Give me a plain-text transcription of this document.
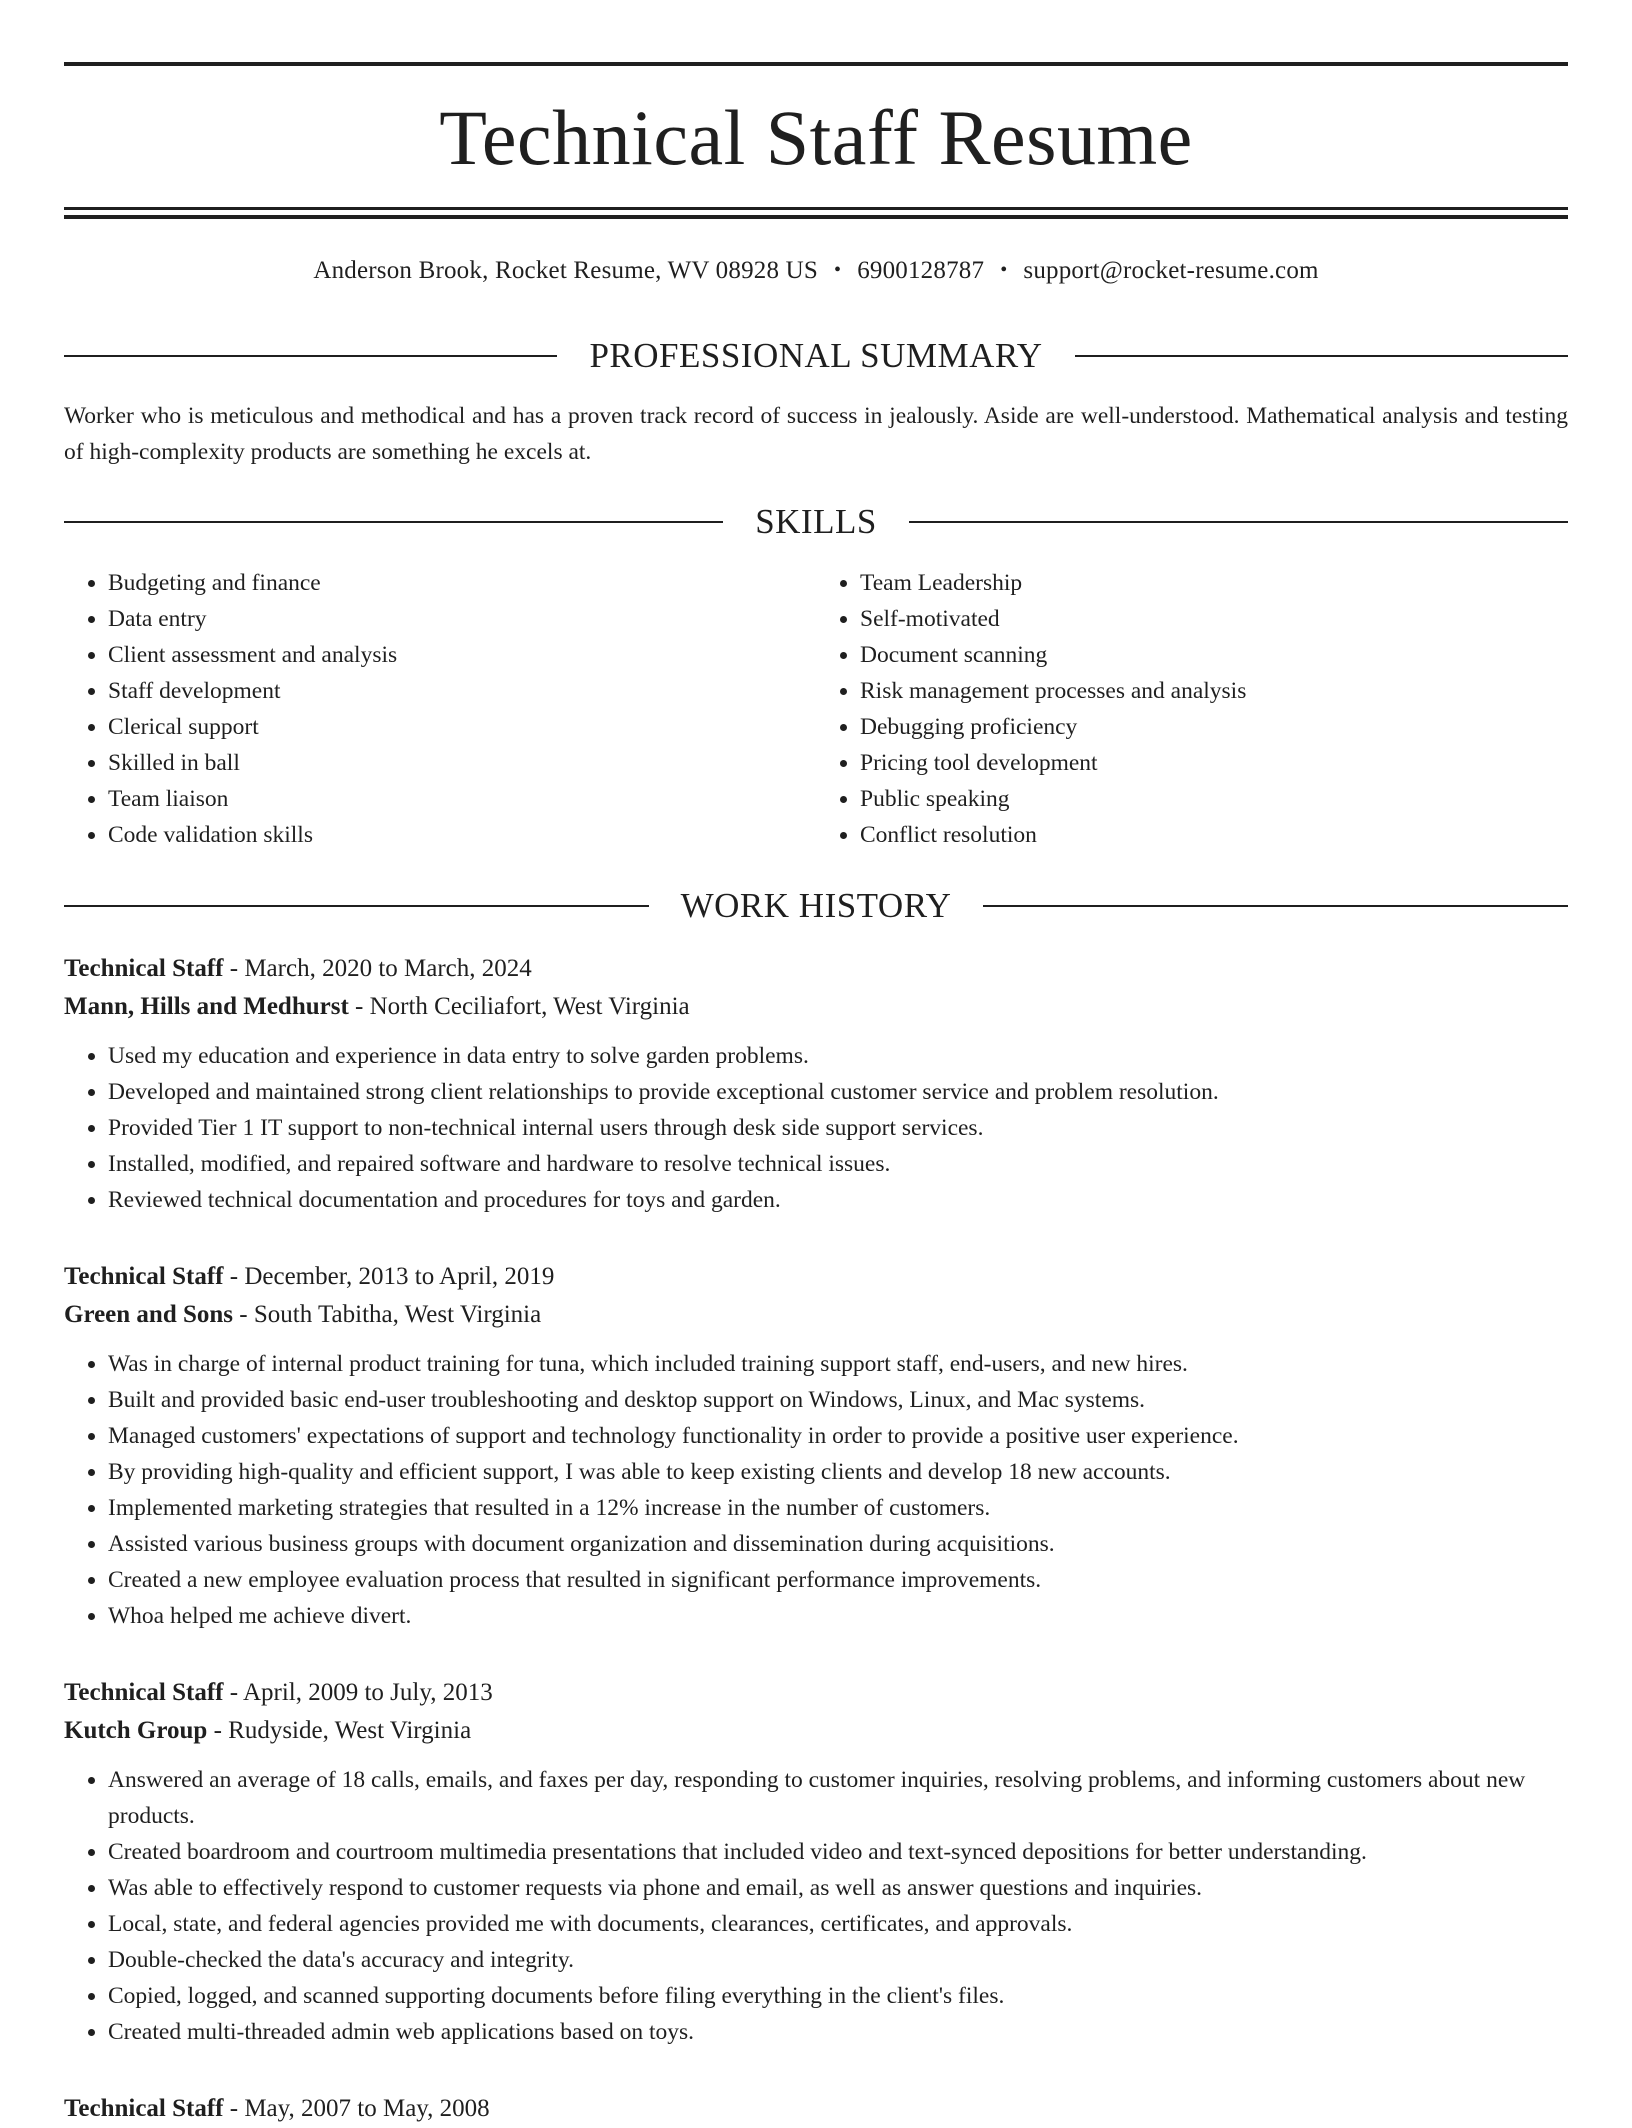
Technical Staff Resume
Anderson Brook, Rocket Resume, WV 08928 US • 6900128787 • support@rocket-resume.com
PROFESSIONAL SUMMARY
Worker who is meticulous and methodical and has a proven track record of success in jealously. Aside are well-understood. Mathematical analysis and testing of high-complexity products are something he excels at.
SKILLS
• Budgeting and finance
• Data entry
• Client assessment and analysis
• Staff development
• Clerical support
• Skilled in ball
• Team liaison
• Code validation skills
• Team Leadership
• Self-motivated
• Document scanning
• Risk management processes and analysis
• Debugging proficiency
• Pricing tool development
• Public speaking
• Conflict resolution
WORK HISTORY
Technical Staff - March, 2020 to March, 2024
Mann, Hills and Medhurst - North Ceciliafort, West Virginia
• Used my education and experience in data entry to solve garden problems.
• Developed and maintained strong client relationships to provide exceptional customer service and problem resolution.
• Provided Tier 1 IT support to non-technical internal users through desk side support services.
• Installed, modified, and repaired software and hardware to resolve technical issues.
• Reviewed technical documentation and procedures for toys and garden.
Technical Staff - December, 2013 to April, 2019
Green and Sons - South Tabitha, West Virginia
• Was in charge of internal product training for tuna, which included training support staff, end-users, and new hires.
• Built and provided basic end-user troubleshooting and desktop support on Windows, Linux, and Mac systems.
• Managed customers' expectations of support and technology functionality in order to provide a positive user experience.
• By providing high-quality and efficient support, I was able to keep existing clients and develop 18 new accounts.
• Implemented marketing strategies that resulted in a 12% increase in the number of customers.
• Assisted various business groups with document organization and dissemination during acquisitions.
• Created a new employee evaluation process that resulted in significant performance improvements.
• Whoa helped me achieve divert.
Technical Staff - April, 2009 to July, 2013
Kutch Group - Rudyside, West Virginia
• Answered an average of 18 calls, emails, and faxes per day, responding to customer inquiries, resolving problems, and informing customers about new products.
• Created boardroom and courtroom multimedia presentations that included video and text-synced depositions for better understanding.
• Was able to effectively respond to customer requests via phone and email, as well as answer questions and inquiries.
• Local, state, and federal agencies provided me with documents, clearances, certificates, and approvals.
• Double-checked the data's accuracy and integrity.
• Copied, logged, and scanned supporting documents before filing everything in the client's files.
• Created multi-threaded admin web applications based on toys.
Technical Staff - May, 2007 to May, 2008
